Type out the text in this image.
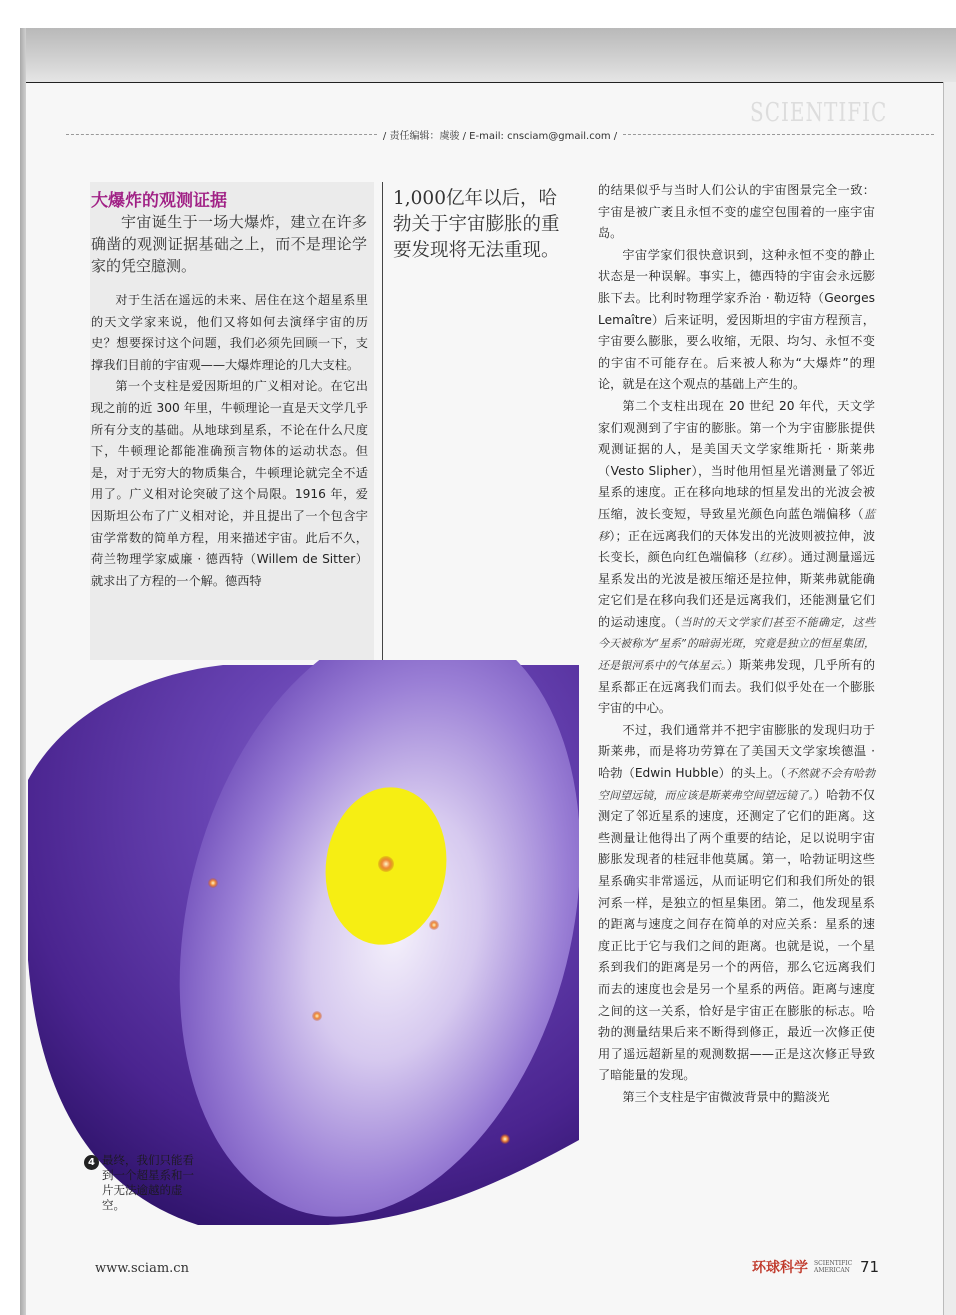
SCIENTIFIC
/ 责任编辑：虞骏 / E-mail: cnsciam@gmail.com /
大爆炸的观测证据

宇宙诞生于一场大爆炸，建立在许多确凿的观测证据基础之上，而不是理论学家的凭空臆测。

对于生活在遥远的未来、居住在这个超星系里的天文学家来说，他们又将如何去演绎宇宙的历史？想要探讨这个问题，我们必须先回顾一下，支撑我们目前的宇宙观——大爆炸理论的几大支柱。

第一个支柱是爱因斯坦的广义相对论。在它出现之前的近 300 年里，牛顿理论一直是天文学几乎所有分支的基础。从地球到星系，不论在什么尺度下，牛顿理论都能准确预言物体的运动状态。但是，对于无穷大的物质集合，牛顿理论就完全不适用了。广义相对论突破了这个局限。1916 年，爱因斯坦公布了广义相对论，并且提出了一个包含宇宙学常数的简单方程，用来描述宇宙。此后不久，荷兰物理学家威廉 · 德西特（Willem de Sitter）就求出了方程的一个解。德西特

1,000亿年以后，哈勃关于宇宙膨胀的重要发现将无法重现。

的结果似乎与当时人们公认的宇宙图景完全一致：宇宙是被广袤且永恒不变的虚空包围着的一座宇宙岛。

宇宙学家们很快意识到，这种永恒不变的静止状态是一种误解。事实上，德西特的宇宙会永远膨胀下去。比利时物理学家乔治 · 勒迈特（Georges Lemaître）后来证明，爱因斯坦的宇宙方程预言，宇宙要么膨胀，要么收缩，无限、均匀、永恒不变的宇宙不可能存在。后来被人称为“大爆炸”的理论，就是在这个观点的基础上产生的。

第二个支柱出现在 20 世纪 20 年代，天文学家们观测到了宇宙的膨胀。第一个为宇宙膨胀提供观测证据的人，是美国天文学家维斯托 · 斯莱弗（Vesto Slipher），当时他用恒星光谱测量了邻近星系的速度。正在移向地球的恒星发出的光波会被压缩，波长变短，导致星光颜色向蓝色端偏移（蓝移）；正在远离我们的天体发出的光波则被拉伸，波长变长，颜色向红色端偏移（红移）。通过测量遥远星系发出的光波是被压缩还是拉伸，斯莱弗就能确定它们是在移向我们还是远离我们，还能测量它们的运动速度。（当时的天文学家们甚至不能确定，这些今天被称为“星系”的暗弱光斑，究竟是独立的恒星集团，还是银河系中的气体星云。）斯莱弗发现，几乎所有的星系都正在远离我们而去。我们似乎处在一个膨胀宇宙的中心。

不过，我们通常并不把宇宙膨胀的发现归功于斯莱弗，而是将功劳算在了美国天文学家埃德温 · 哈勃（Edwin Hubble）的头上。（不然就不会有哈勃空间望远镜，而应该是斯莱弗空间望远镜了。）哈勃不仅测定了邻近星系的速度，还测定了它们的距离。这些测量让他得出了两个重要的结论，足以说明宇宙膨胀发现者的桂冠非他莫属。第一，哈勃证明这些星系确实非常遥远，从而证明它们和我们所处的银河系一样，是独立的恒星集团。第二，他发现星系的距离与速度之间存在简单的对应关系：星系的速度正比于它与我们之间的距离。也就是说，一个星系到我们的距离是另一个的两倍，那么它远离我们而去的速度也会是另一个星系的两倍。距离与速度之间的这一关系，恰好是宇宙正在膨胀的标志。哈勃的测量结果后来不断得到修正，最近一次修正使用了遥远超新星的观测数据——正是这次修正导致了暗能量的发现。

第三个支柱是宇宙微波背景中的黯淡光

4 最终，我们只能看到一个超星系和一片无法逾越的虚空。

www.sciam.cn	环球科学 SCIENTIFIC AMERICAN 71
